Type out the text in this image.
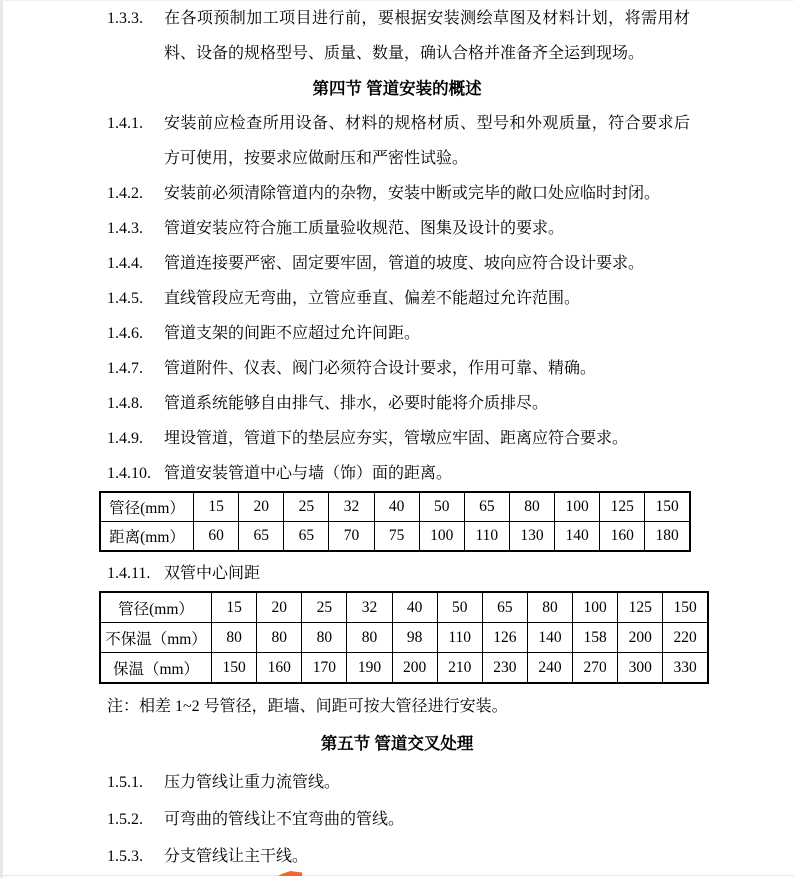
1.3.3.	在各项预制加工项目进行前，要根据安装测绘草图及材料计划，将需用材料、设备的规格型号、质量、数量，确认合格并准备齐全运到现场。

第四节 管道安装的概述

1.4.1.	安装前应检查所用设备、材料的规格材质、型号和外观质量，符合要求后方可使用，按要求应做耐压和严密性试验。

1.4.2.	安装前必须清除管道内的杂物，安装中断或完毕的敞口处应临时封闭。

1.4.3.	管道安装应符合施工质量验收规范、图集及设计的要求。

1.4.4.	管道连接要严密、固定要牢固，管道的坡度、坡向应符合设计要求。

1.4.5.	直线管段应无弯曲，立管应垂直、偏差不能超过允许范围。

1.4.6.	管道支架的间距不应超过允许间距。

1.4.7.	管道附件、仪表、阀门必须符合设计要求，作用可靠、精确。

1.4.8.	管道系统能够自由排气、排水，必要时能将介质排尽。

1.4.9.	埋设管道，管道下的垫层应夯实，管墩应牢固、距离应符合要求。

1.4.10. 管道安装管道中心与墙（饰）面的距离。

管径(mm）	15	20	25	32	40	50	65	80	100	125	150
距离(mm）	60	65	65	70	75	100	110	130	140	160	180

1.4.11. 双管中心间距

管径(mm）	15	20	25	32	40	50	65	80	100	125	150
不保温（mm）	80	80	80	80	98	110	126	140	158	200	220
保温（mm）	150	160	170	190	200	210	230	240	270	300	330

注：相差 1~2 号管径，距墙、间距可按大管径进行安装。

第五节 管道交叉处理

1.5.1.	压力管线让重力流管线。

1.5.2.	可弯曲的管线让不宜弯曲的管线。

1.5.3.	分支管线让主干线。
